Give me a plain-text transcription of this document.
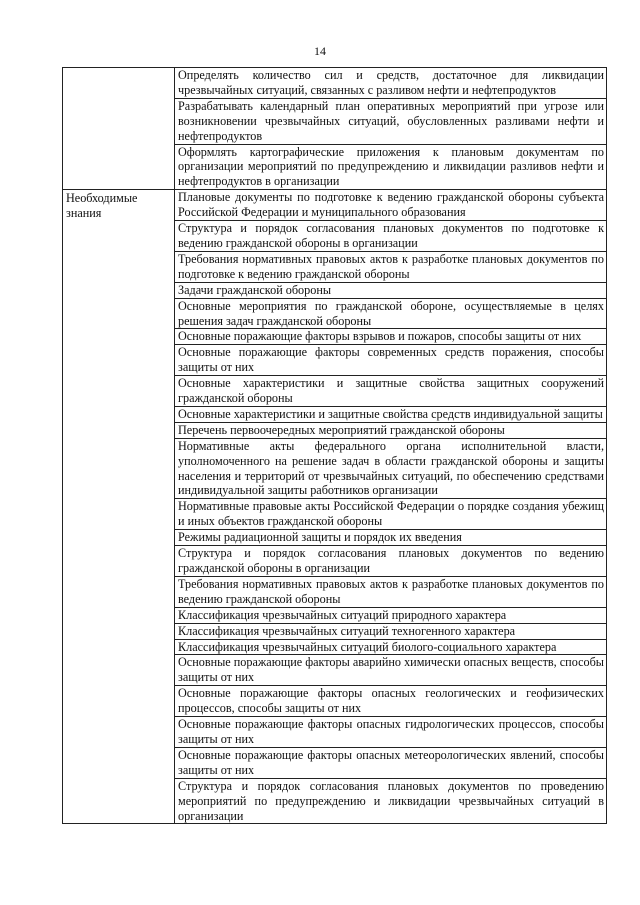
14
	Определять количество сил и средств, достаточное для ликвидации чрезвычайных ситуаций, связанных с разливом нефти и нефтепродуктов
	Разрабатывать календарный план оперативных мероприятий при угрозе или возникновении чрезвычайных ситуаций, обусловленных разливами нефти и нефтепродуктов
	Оформлять картографические приложения к плановым документам по организации мероприятий по предупреждению и ликвидации разливов нефти и нефтепродуктов в организации

Необходимые знания	Плановые документы по подготовке к ведению гражданской обороны субъекта Российской Федерации и муниципального образования
	Структура и порядок согласования плановых документов по подготовке к ведению гражданской обороны в организации
	Требования нормативных правовых актов к разработке плановых документов по подготовке к ведению гражданской обороны
	Задачи гражданской обороны
	Основные мероприятия по гражданской обороне, осуществляемые в целях решения задач гражданской обороны
	Основные поражающие факторы взрывов и пожаров, способы защиты от них
	Основные поражающие факторы современных средств поражения, способы защиты от них
	Основные характеристики и защитные свойства защитных сооружений гражданской обороны
	Основные характеристики и защитные свойства средств индивидуальной защиты
	Перечень первоочередных мероприятий гражданской обороны
	Нормативные акты федерального органа исполнительной власти, уполномоченного на решение задач в области гражданской обороны и защиты населения и территорий от чрезвычайных ситуаций, по обеспечению средствами индивидуальной защиты работников организации
	Нормативные правовые акты Российской Федерации о порядке создания убежищ и иных объектов гражданской обороны
	Режимы радиационной защиты и порядок их введения
	Структура и порядок согласования плановых документов по ведению гражданской обороны в организации
	Требования нормативных правовых актов к разработке плановых документов по ведению гражданской обороны
	Классификация чрезвычайных ситуаций природного характера
	Классификация чрезвычайных ситуаций техногенного характера
	Классификация чрезвычайных ситуаций биолого-социального характера
	Основные поражающие факторы аварийно химически опасных веществ, способы защиты от них
	Основные поражающие факторы опасных геологических и геофизических процессов, способы защиты от них
	Основные поражающие факторы опасных гидрологических процессов, способы защиты от них
	Основные поражающие факторы опасных метеорологических явлений, способы защиты от них
	Структура и порядок согласования плановых документов по проведению мероприятий по предупреждению и ликвидации чрезвычайных ситуаций в организации
